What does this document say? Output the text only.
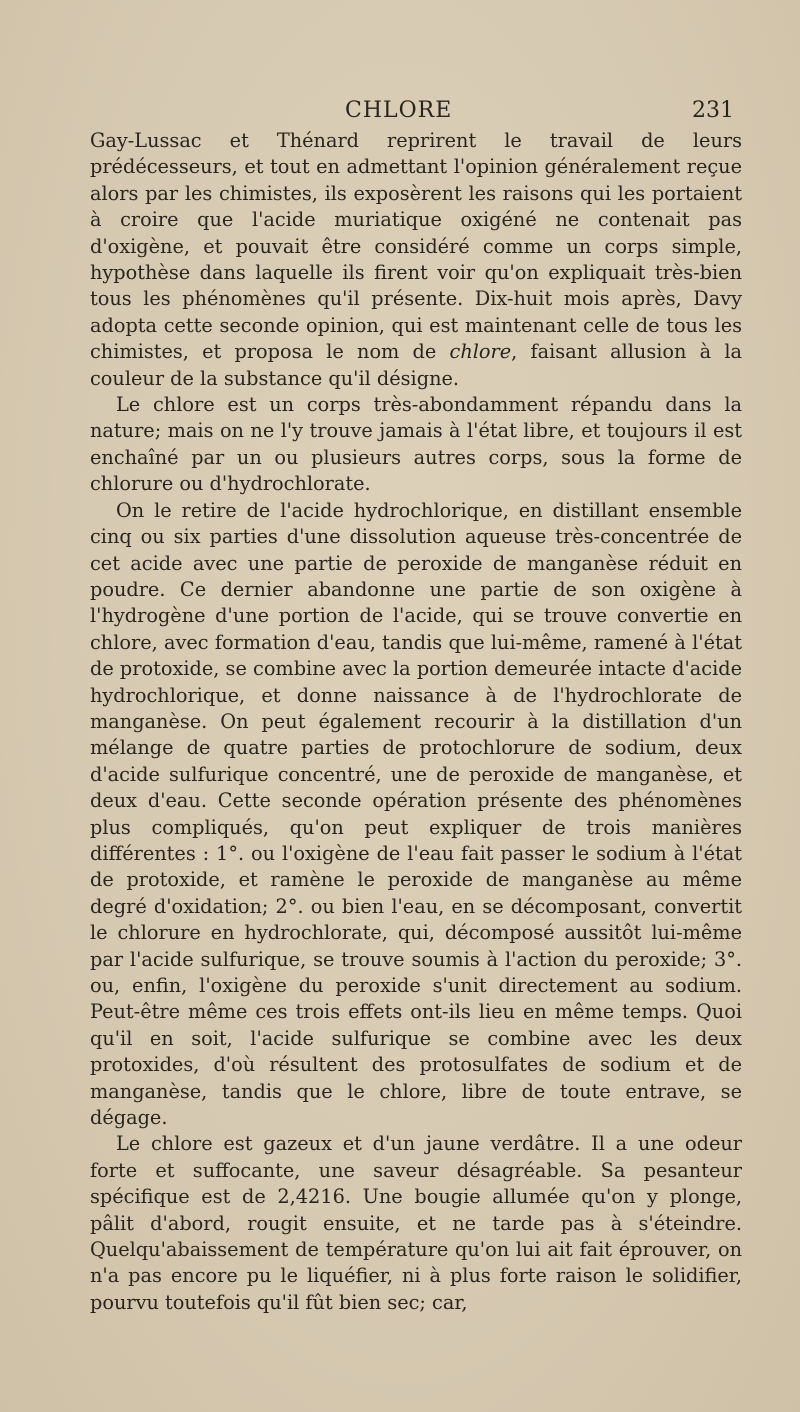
CHLORE	231

Gay-Lussac et Thénard reprirent le travail de leurs prédécesseurs, et tout en admettant l'opinion généralement reçue alors par les chimistes, ils exposèrent les raisons qui les portaient à croire que l'acide muriatique oxigéné ne contenait pas d'oxigène, et pouvait être considéré comme un corps simple, hypothèse dans laquelle ils firent voir qu'on expliquait très-bien tous les phénomènes qu'il présente. Dix-huit mois après, Davy adopta cette seconde opinion, qui est maintenant celle de tous les chimistes, et proposa le nom de chlore, faisant allusion à la couleur de la substance qu'il désigne.

Le chlore est un corps très-abondamment répandu dans la nature; mais on ne l'y trouve jamais à l'état libre, et toujours il est enchaîné par un ou plusieurs autres corps, sous la forme de chlorure ou d'hydrochlorate.

On le retire de l'acide hydrochlorique, en distillant ensemble cinq ou six parties d'une dissolution aqueuse très-concentrée de cet acide avec une partie de peroxide de manganèse réduit en poudre. Ce dernier abandonne une partie de son oxigène à l'hydrogène d'une portion de l'acide, qui se trouve convertie en chlore, avec formation d'eau, tandis que lui-même, ramené à l'état de protoxide, se combine avec la portion demeurée intacte d'acide hydrochlorique, et donne naissance à de l'hydrochlorate de manganèse. On peut également recourir à la distillation d'un mélange de quatre parties de protochlorure de sodium, deux d'acide sulfurique concentré, une de peroxide de manganèse, et deux d'eau. Cette seconde opération présente des phénomènes plus compliqués, qu'on peut expliquer de trois manières différentes : 1°. ou l'oxigène de l'eau fait passer le sodium à l'état de protoxide, et ramène le peroxide de manganèse au même degré d'oxidation; 2°. ou bien l'eau, en se décomposant, convertit le chlorure en hydrochlorate, qui, décomposé aussitôt lui-même par l'acide sulfurique, se trouve soumis à l'action du peroxide; 3°. ou, enfin, l'oxigène du peroxide s'unit directement au sodium. Peut-être même ces trois effets ont-ils lieu en même temps. Quoi qu'il en soit, l'acide sulfurique se combine avec les deux protoxides, d'où résultent des protosulfates de sodium et de manganèse, tandis que le chlore, libre de toute entrave, se dégage.

Le chlore est gazeux et d'un jaune verdâtre. Il a une odeur forte et suffocante, une saveur désagréable. Sa pesanteur spécifique est de 2,4216. Une bougie allumée qu'on y plonge, pâlit d'abord, rougit ensuite, et ne tarde pas à s'éteindre. Quelqu'abaissement de température qu'on lui ait fait éprouver, on n'a pas encore pu le liquéfier, ni à plus forte raison le solidifier, pourvu toutefois qu'il fût bien sec; car,
